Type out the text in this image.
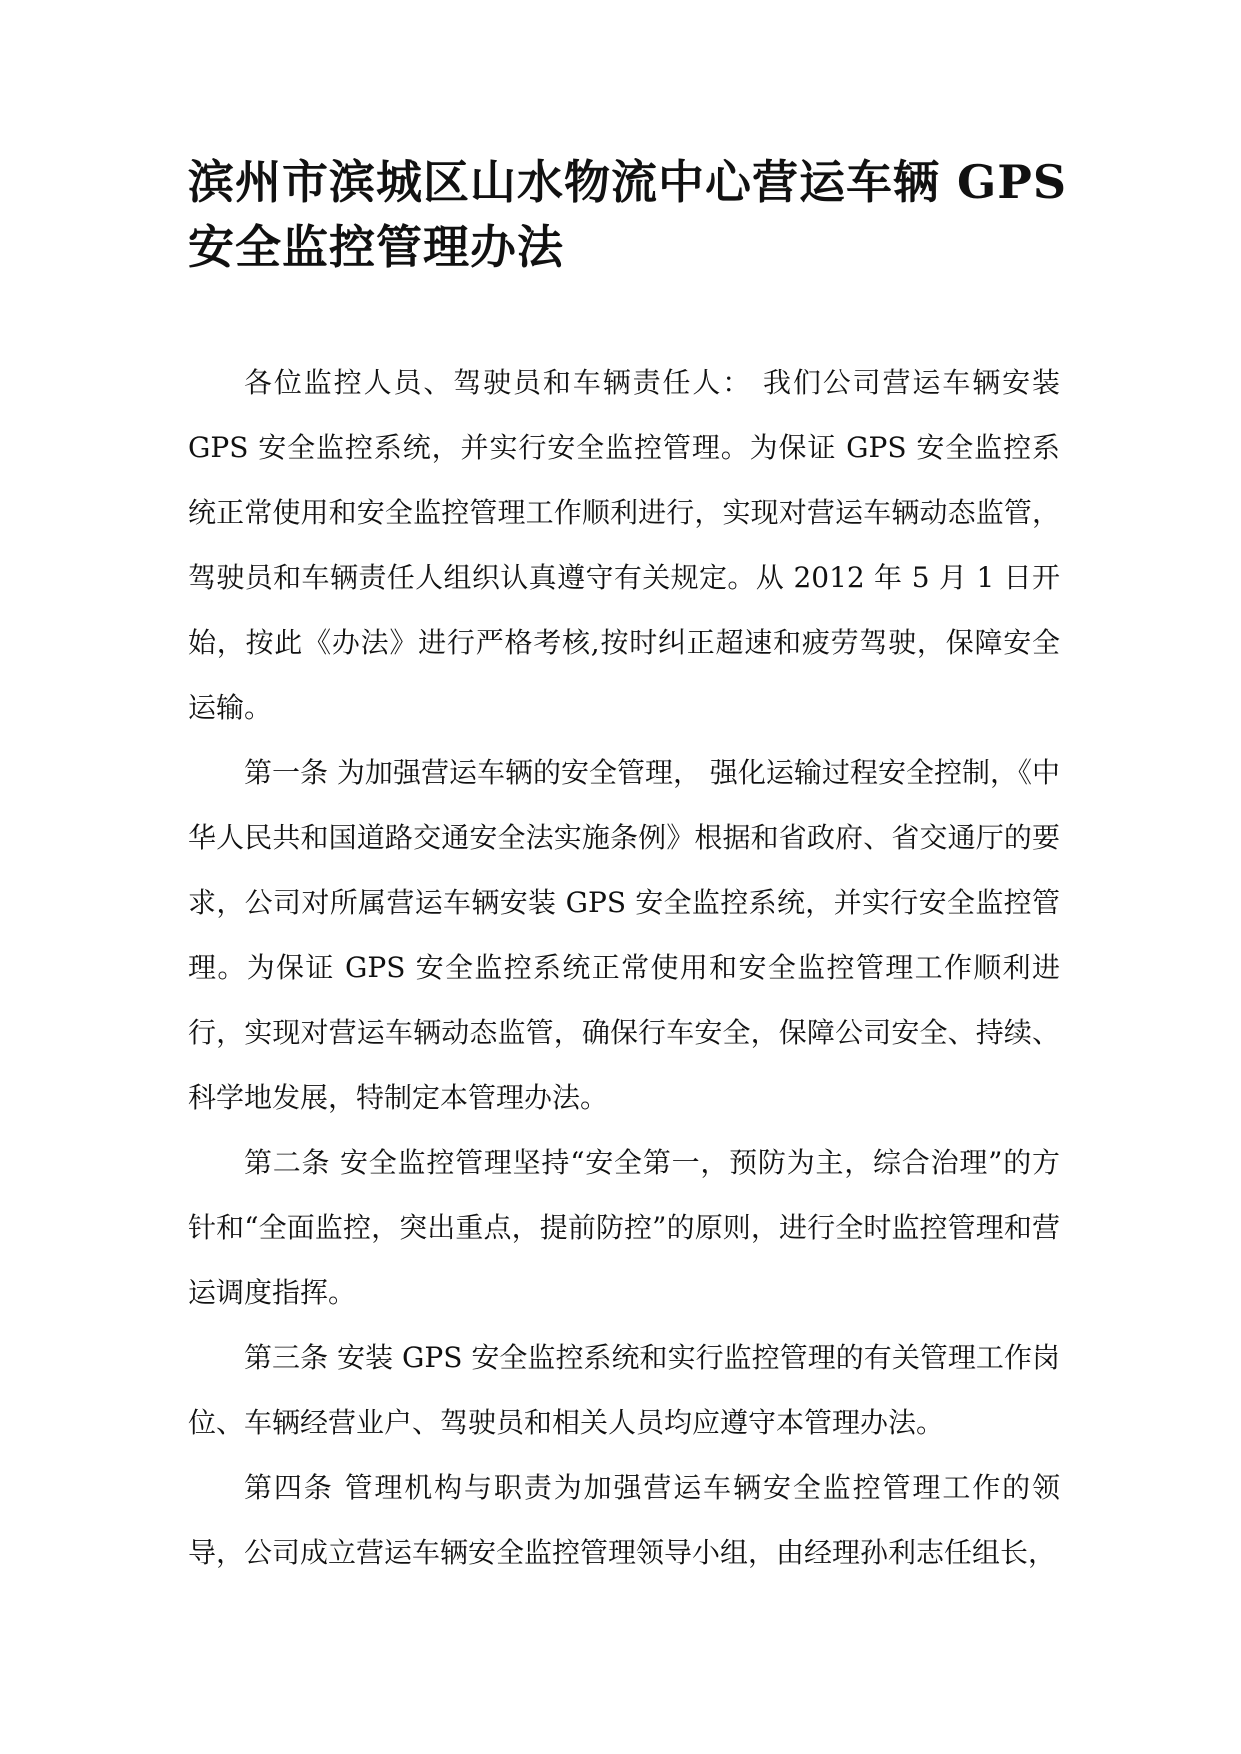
滨州市滨城区山水物流中心营运车辆 GPS 安全监控管理办法

各位监控人员、驾驶员和车辆责任人： 我们公司营运车辆安装 GPS 安全监控系统，并实行安全监控管理。为保证 GPS 安全监控系统正常使用和安全监控管理工作顺利进行，实现对营运车辆动态监管，驾驶员和车辆责任人组织认真遵守有关规定。从 2012 年 5 月 1 日开始，按此《办法》进行严格考核,按时纠正超速和疲劳驾驶，保障安全运输。

第一条 为加强营运车辆的安全管理， 强化运输过程安全控制，《中华人民共和国道路交通安全法实施条例》根据和省政府、省交通厅的要求，公司对所属营运车辆安装 GPS 安全监控系统，并实行安全监控管理。为保证 GPS 安全监控系统正常使用和安全监控管理工作顺利进行，实现对营运车辆动态监管，确保行车安全，保障公司安全、持续、科学地发展，特制定本管理办法。

第二条 安全监控管理坚持“安全第一，预防为主，综合治理”的方针和“全面监控，突出重点，提前防控”的原则，进行全时监控管理和营运调度指挥。

第三条 安装 GPS 安全监控系统和实行监控管理的有关管理工作岗位、车辆经营业户、驾驶员和相关人员均应遵守本管理办法。

第四条 管理机构与职责为加强营运车辆安全监控管理工作的领导，公司成立营运车辆安全监控管理领导小组，由经理孙利志任组长，
